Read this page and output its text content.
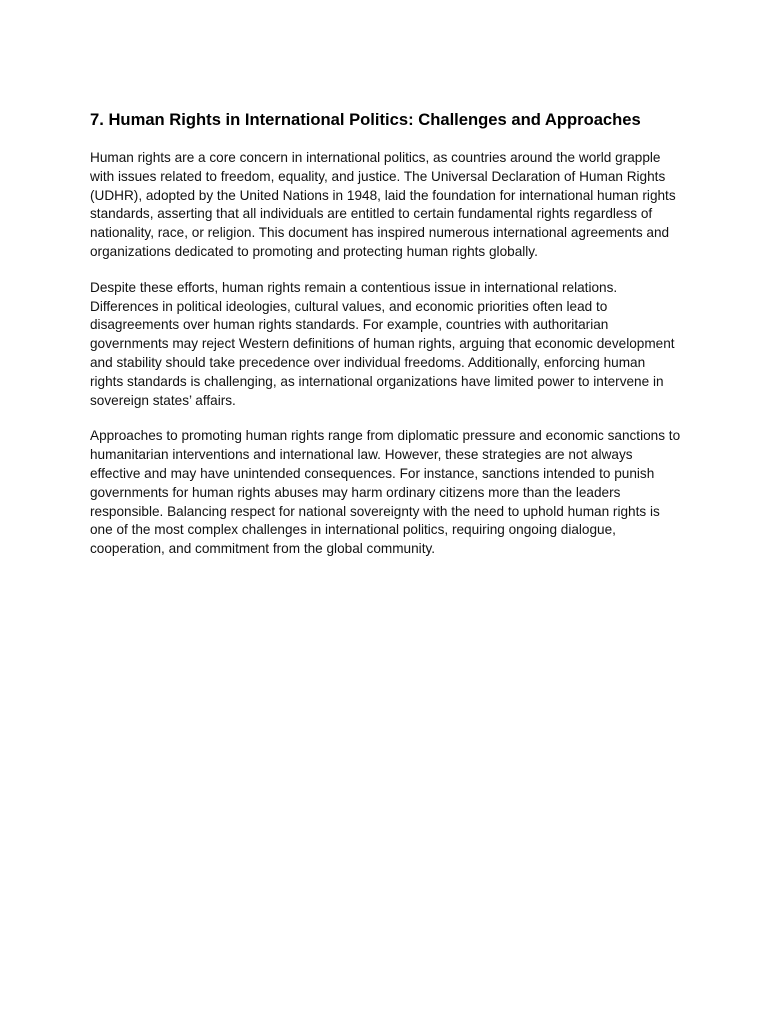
7. Human Rights in International Politics: Challenges and Approaches

Human rights are a core concern in international politics, as countries around the world grapple with issues related to freedom, equality, and justice. The Universal Declaration of Human Rights (UDHR), adopted by the United Nations in 1948, laid the foundation for international human rights standards, asserting that all individuals are entitled to certain fundamental rights regardless of nationality, race, or religion. This document has inspired numerous international agreements and organizations dedicated to promoting and protecting human rights globally.

Despite these efforts, human rights remain a contentious issue in international relations. Differences in political ideologies, cultural values, and economic priorities often lead to disagreements over human rights standards. For example, countries with authoritarian governments may reject Western definitions of human rights, arguing that economic development and stability should take precedence over individual freedoms. Additionally, enforcing human rights standards is challenging, as international organizations have limited power to intervene in sovereign states’ affairs.

Approaches to promoting human rights range from diplomatic pressure and economic sanctions to humanitarian interventions and international law. However, these strategies are not always effective and may have unintended consequences. For instance, sanctions intended to punish governments for human rights abuses may harm ordinary citizens more than the leaders responsible. Balancing respect for national sovereignty with the need to uphold human rights is one of the most complex challenges in international politics, requiring ongoing dialogue, cooperation, and commitment from the global community.
